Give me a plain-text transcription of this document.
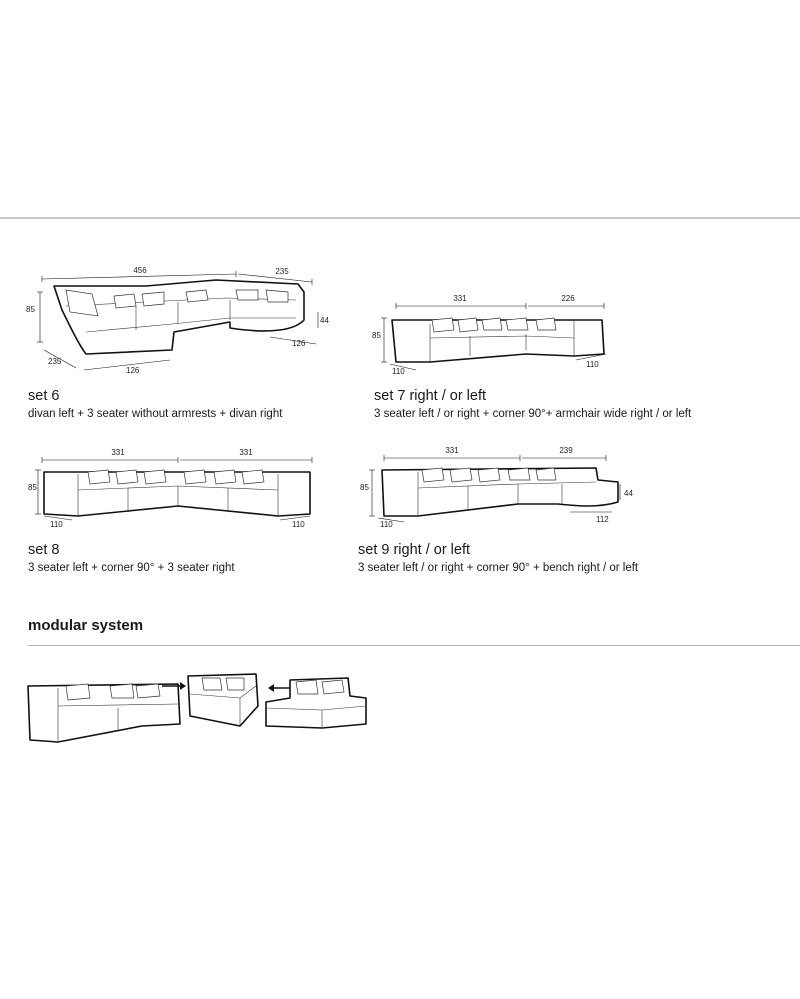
456	235
85
235
126
44
126
set 6
divan left + 3 seater without armrests + divan right
331	226
85
110
110
set 7 right / or left
3 seater left / or right + corner 90°+ armchair wide right / or left
331	331
85
110	110
set 8
3 seater left + corner 90° + 3 seater right
331	239
85
44
110
112
set 9 right / or left
3 seater left / or right + corner 90° + bench right / or left
modular system
